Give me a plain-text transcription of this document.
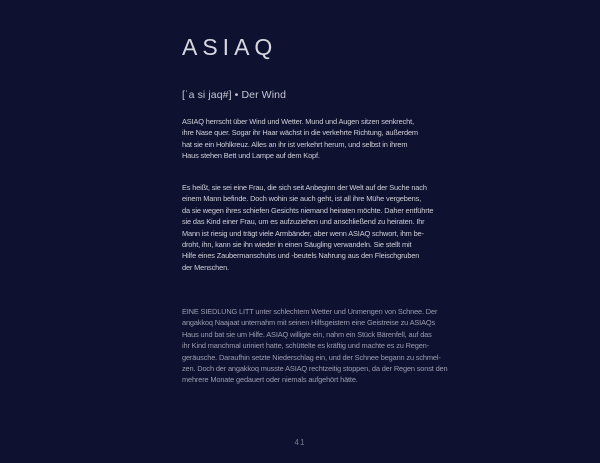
ASIAQ
[ˈa si jaq#] • Der Wind

ASIAQ herrscht über Wind und Wetter. Mund und Augen sitzen senkrecht,
ihre Nase quer. Sogar ihr Haar wächst in die verkehrte Richtung, außerdem
hat sie ein Hohlkreuz. Alles an ihr ist verkehrt herum, und selbst in ihrem
Haus stehen Bett und Lampe auf dem Kopf.

Es heißt, sie sei eine Frau, die sich seit Anbeginn der Welt auf der Suche nach
einem Mann befinde. Doch wohin sie auch geht, ist all ihre Mühe vergebens,
da sie wegen ihres schiefen Gesichts niemand heiraten möchte. Daher entführte
sie das Kind einer Frau, um es aufzuziehen und anschließend zu heiraten. Ihr
Mann ist riesig und trägt viele Armbänder, aber wenn ASIAQ schwort, ihm be-
droht, ihn, kann sie ihn wieder in einen Säugling verwandeln. Sie stellt mit
Hilfe eines Zaubermanschuhs und -beutels Nahrung aus den Fleischgruben
der Menschen.

EINE SIEDLUNG LITT unter schlechtem Wetter und Unmengen von Schnee. Der
angakkoq Naajaat unternahm mit seinen Hilfsgeistern eine Geistreise zu ASIAQs
Haus und bat sie um Hilfe. ASIAQ willigte ein, nahm ein Stück Bärenfell, auf das
ihr Kind manchmal uriniert hatte, schüttelte es kräftig und machte es zu Regen-
geräusche. Daraufhin setzte Niederschlag ein, und der Schnee begann zu schmel-
zen. Doch der angakkoq musste ASIAQ rechtzeitig stoppen, da der Regen sonst den
mehrere Monate gedauert oder niemals aufgehört hätte.

41
